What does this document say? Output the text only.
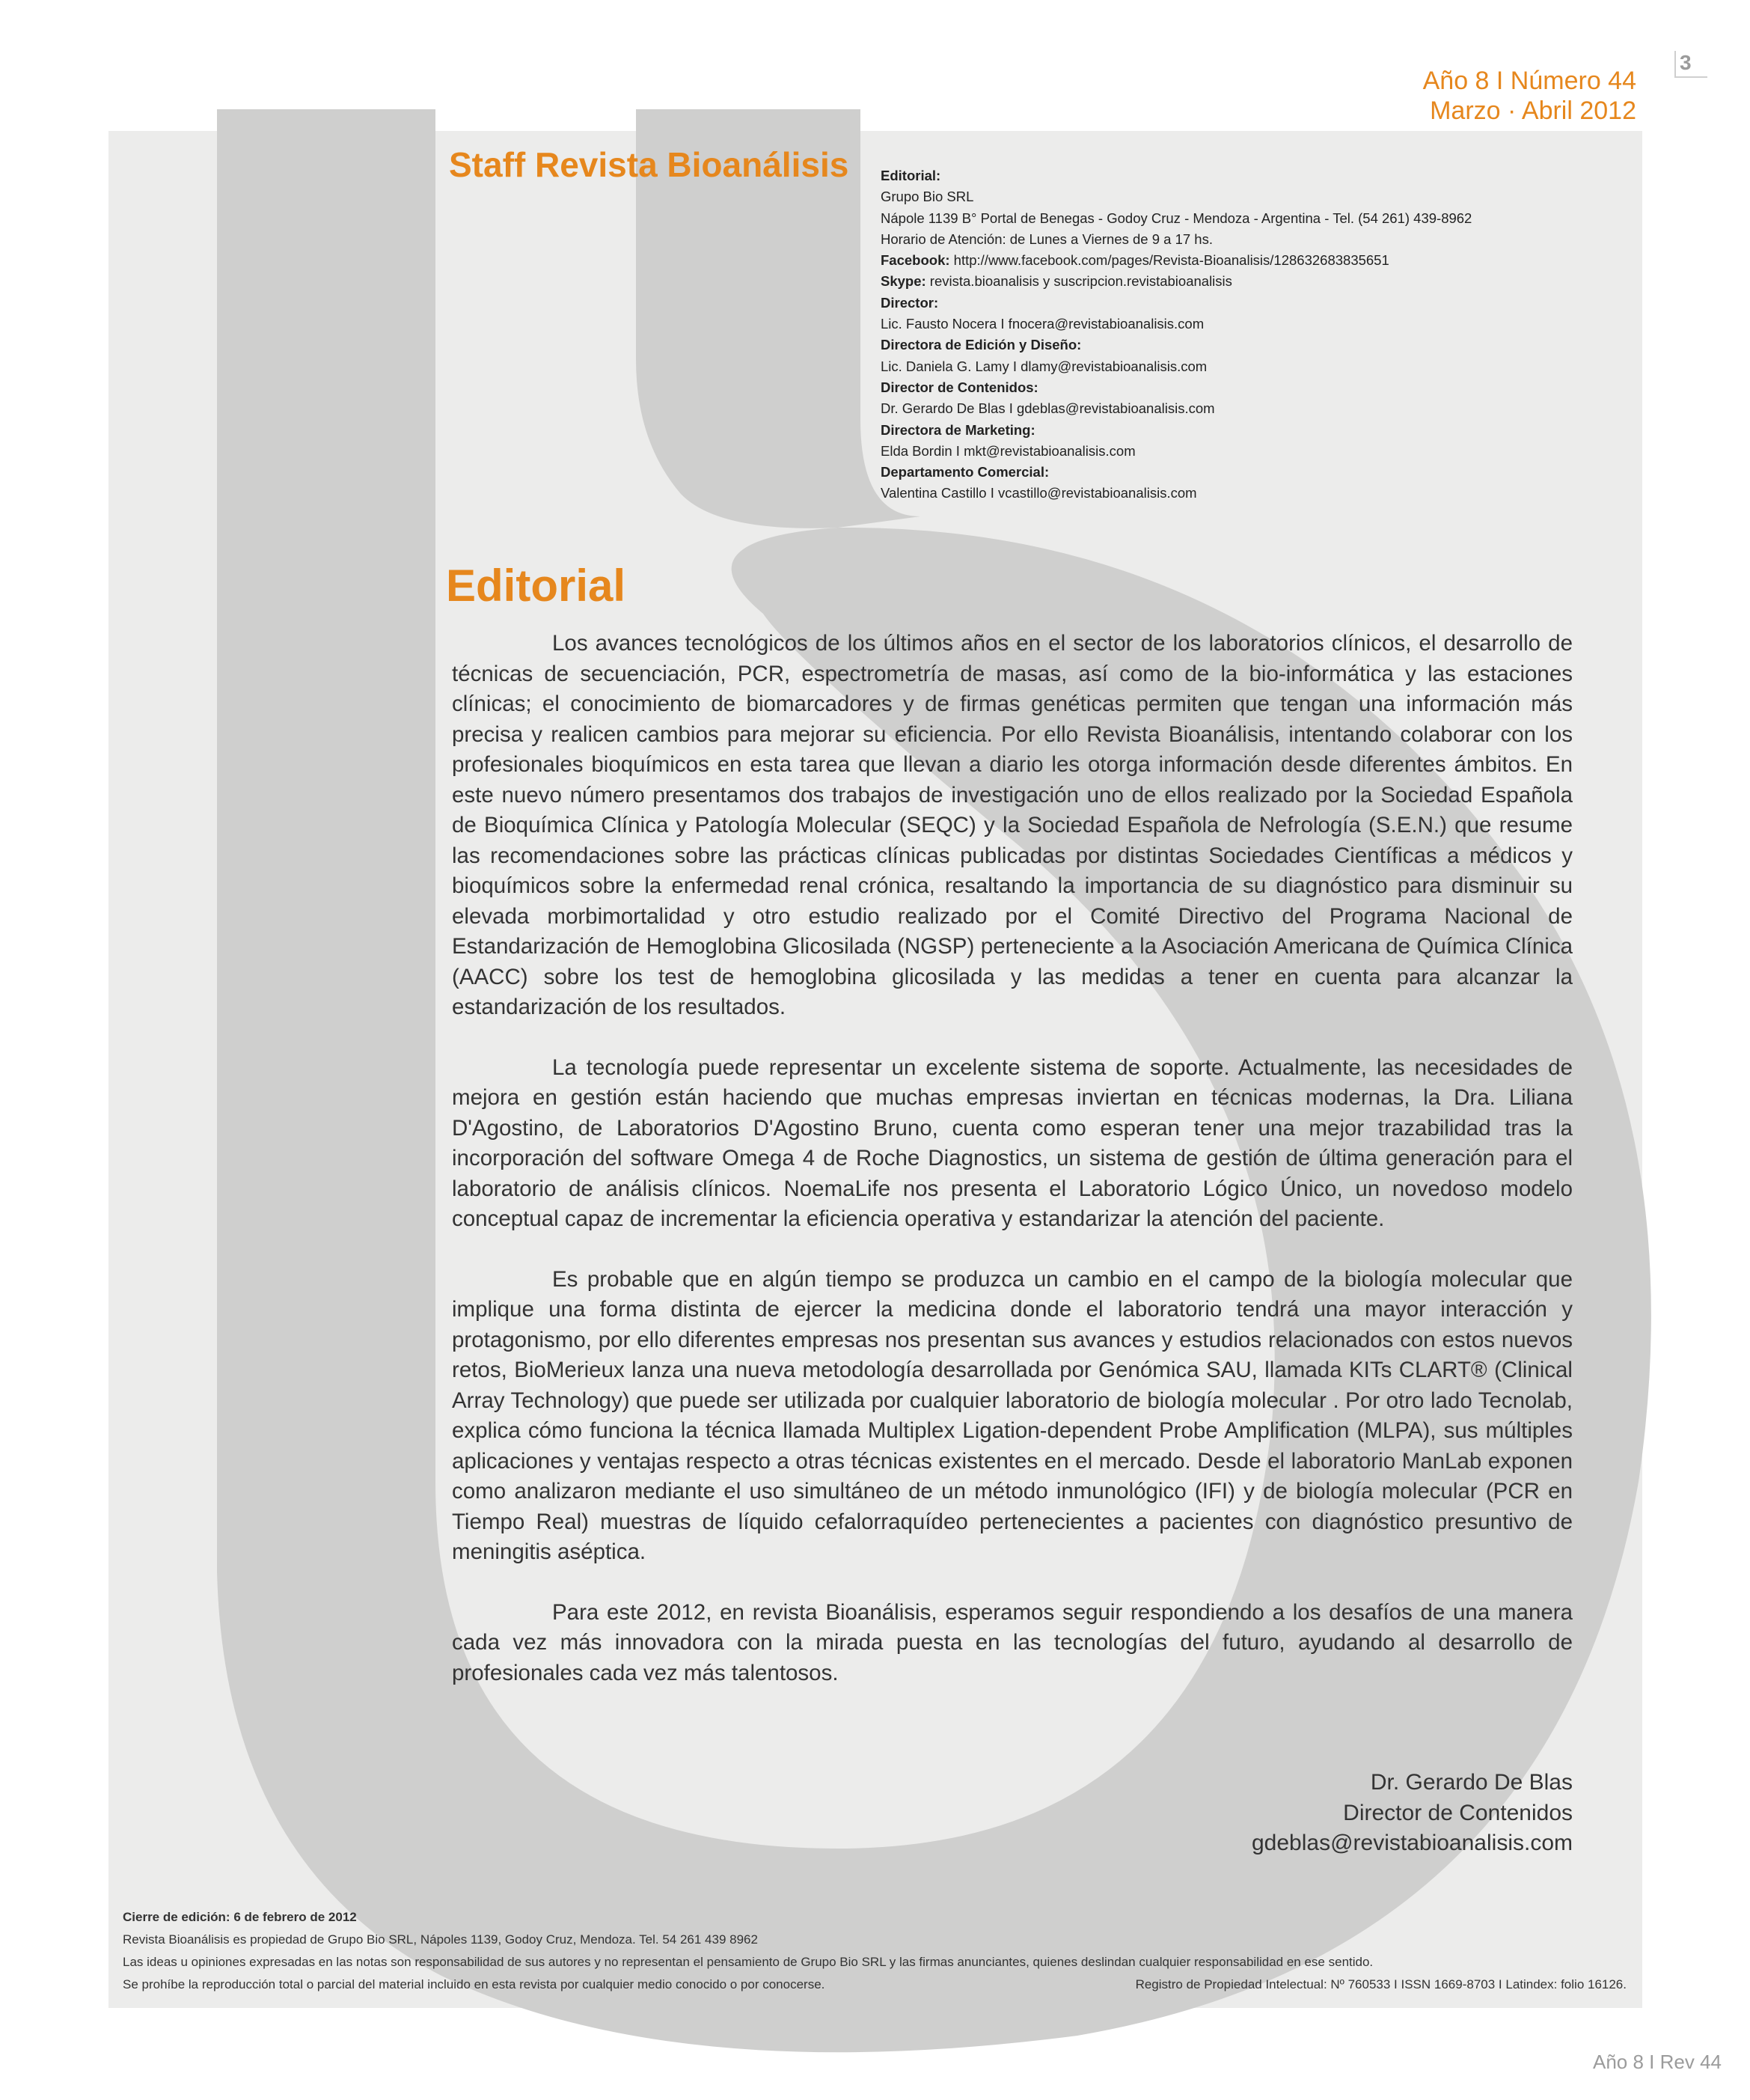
3
Año 8 I Número 44
Marzo · Abril 2012
Staff Revista Bioanálisis Editorial:
Grupo Bio SRL
Nápole 1139 B° Portal de Benegas - Godoy Cruz - Mendoza - Argentina - Tel. (54 261) 439-8962
Horario de Atención: de Lunes a Viernes de 9 a 17 hs.
Facebook: http://www.facebook.com/pages/Revista-Bioanalisis/128632683835651
Skype: revista.bioanalisis y suscripcion.revistabioanalisis
Director:
Lic. Fausto Nocera I fnocera@revistabioanalisis.com
Directora de Edición y Diseño:
Lic. Daniela G. Lamy I dlamy@revistabioanalisis.com
Director de Contenidos:
Dr. Gerardo De Blas I gdeblas@revistabioanalisis.com
Directora de Marketing:
Elda Bordin I mkt@revistabioanalisis.com
Departamento Comercial:
Valentina Castillo I vcastillo@revistabioanalisis.com
Editorial

Los avances tecnológicos de los últimos años en el sector de los laboratorios clínicos, el desarrollo de técnicas de secuenciación, PCR, espectrometría de masas, así como de la bio-informática y las estaciones clínicas; el conocimiento de biomarcadores y de firmas genéticas permiten que tengan una información más precisa y realicen cambios para mejorar su eficiencia. Por ello Revista Bioanálisis, intentando colaborar con los profesionales bioquímicos en esta tarea que llevan a diario les otorga información desde diferentes ámbitos. En este nuevo número presentamos dos trabajos de investigación uno de ellos realizado por la Sociedad Española de Bioquímica Clínica y Patología Molecular (SEQC) y la Sociedad Española de Nefrología (S.E.N.) que resume las recomendaciones sobre las prácticas clínicas publicadas por distintas Sociedades Científicas a médicos y bioquímicos sobre la enfermedad renal crónica, resaltando la importancia de su diagnóstico para disminuir su elevada morbimortalidad y otro estudio realizado por el Comité Directivo del Programa Nacional de Estandarización de Hemoglobina Glicosilada (NGSP) perteneciente a la Asociación Americana de Química Clínica (AACC) sobre los test de hemoglobina glicosilada y las medidas a tener en cuenta para alcanzar la estandarización de los resultados.

La tecnología puede representar un excelente sistema de soporte. Actualmente, las necesidades de mejora en gestión están haciendo que muchas empresas inviertan en técnicas modernas, la Dra. Liliana D'Agostino, de Laboratorios D'Agostino Bruno, cuenta como esperan tener una mejor trazabilidad tras la incorporación del software Omega 4 de Roche Diagnostics, un sistema de gestión de última generación para el laboratorio de análisis clínicos. NoemaLife nos presenta el Laboratorio Lógico Único, un novedoso modelo conceptual capaz de incrementar la eficiencia operativa y estandarizar la atención del paciente.

Es probable que en algún tiempo se produzca un cambio en el campo de la biología molecular que implique una forma distinta de ejercer la medicina donde el laboratorio tendrá una mayor interacción y protagonismo, por ello diferentes empresas nos presentan sus avances y estudios relacionados con estos nuevos retos, BioMerieux lanza una nueva metodología desarrollada por Genómica SAU, llamada KITs CLART® (Clinical Array Technology) que puede ser utilizada por cualquier laboratorio de biología molecular . Por otro lado Tecnolab, explica cómo funciona la técnica llamada Multiplex Ligation-dependent Probe Amplification (MLPA), sus múltiples aplicaciones y ventajas respecto a otras técnicas existentes en el mercado. Desde el laboratorio ManLab exponen como analizaron mediante el uso simultáneo de un método inmunológico (IFI) y de biología molecular (PCR en Tiempo Real) muestras de líquido cefalorraquídeo pertenecientes a pacientes con diagnóstico presuntivo de meningitis aséptica.

Para este 2012, en revista Bioanálisis, esperamos seguir respondiendo a los desafíos de una manera cada vez más innovadora con la mirada puesta en las tecnologías del futuro, ayudando al desarrollo de profesionales cada vez más talentosos.

Dr. Gerardo De Blas
Director de Contenidos
gdeblas@revistabioanalisis.com
Cierre de edición: 6 de febrero de 2012
Revista Bioanálisis es propiedad de Grupo Bio SRL, Nápoles 1139, Godoy Cruz, Mendoza. Tel. 54 261 439 8962
Las ideas u opiniones expresadas en las notas son responsabilidad de sus autores y no representan el pensamiento de Grupo Bio SRL y las firmas anunciantes, quienes deslindan cualquier responsabilidad en ese sentido.
Se prohíbe la reproducción total o parcial del material incluido en esta revista por cualquier medio conocido o por conocerse.	Registro de Propiedad Intelectual: Nº 760533 I ISSN 1669-8703 I Latindex: folio 16126.
Año 8 I Rev 44
